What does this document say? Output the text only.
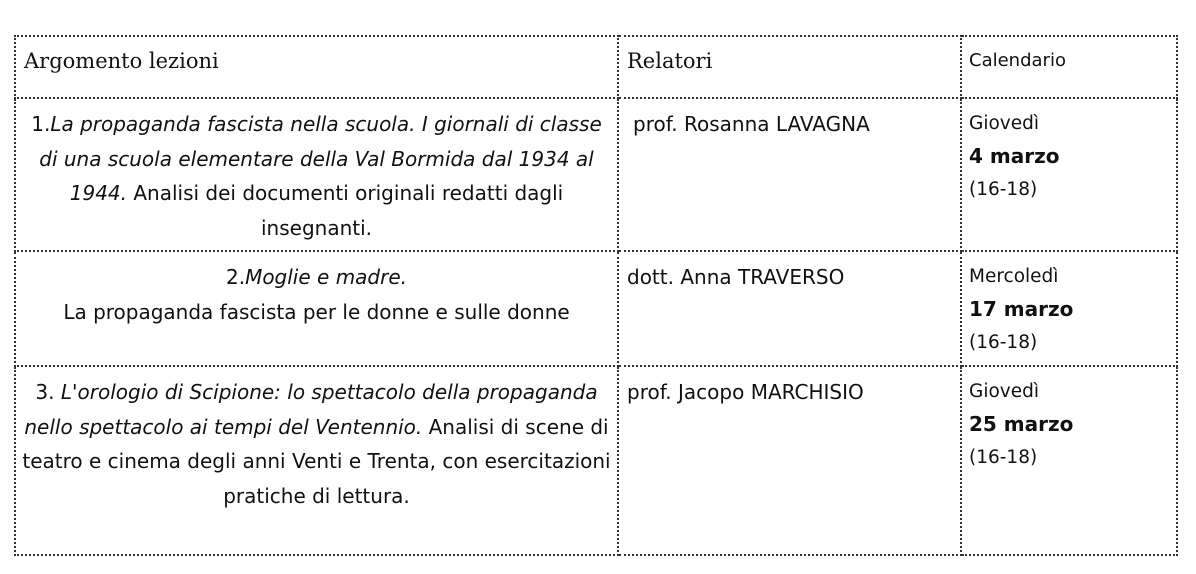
Argomento lezioni	Relatori	Calendario

1.La propaganda fascista nella scuola. I giornali di classe di una scuola elementare della Val Bormida dal 1934 al 1944. Analisi dei documenti originali redatti dagli insegnanti.	prof. Rosanna LAVAGNA	Giovedì
4 marzo
(16-18)

2.Moglie e madre.
La propaganda fascista per le donne e sulle donne	dott. Anna TRAVERSO	Mercoledì
17 marzo
(16-18)

3. L'orologio di Scipione: lo spettacolo della propaganda nello spettacolo ai tempi del Ventennio. Analisi di scene di teatro e cinema degli anni Venti e Trenta, con esercitazioni pratiche di lettura.	prof. Jacopo MARCHISIO	Giovedì
25 marzo
(16-18)
